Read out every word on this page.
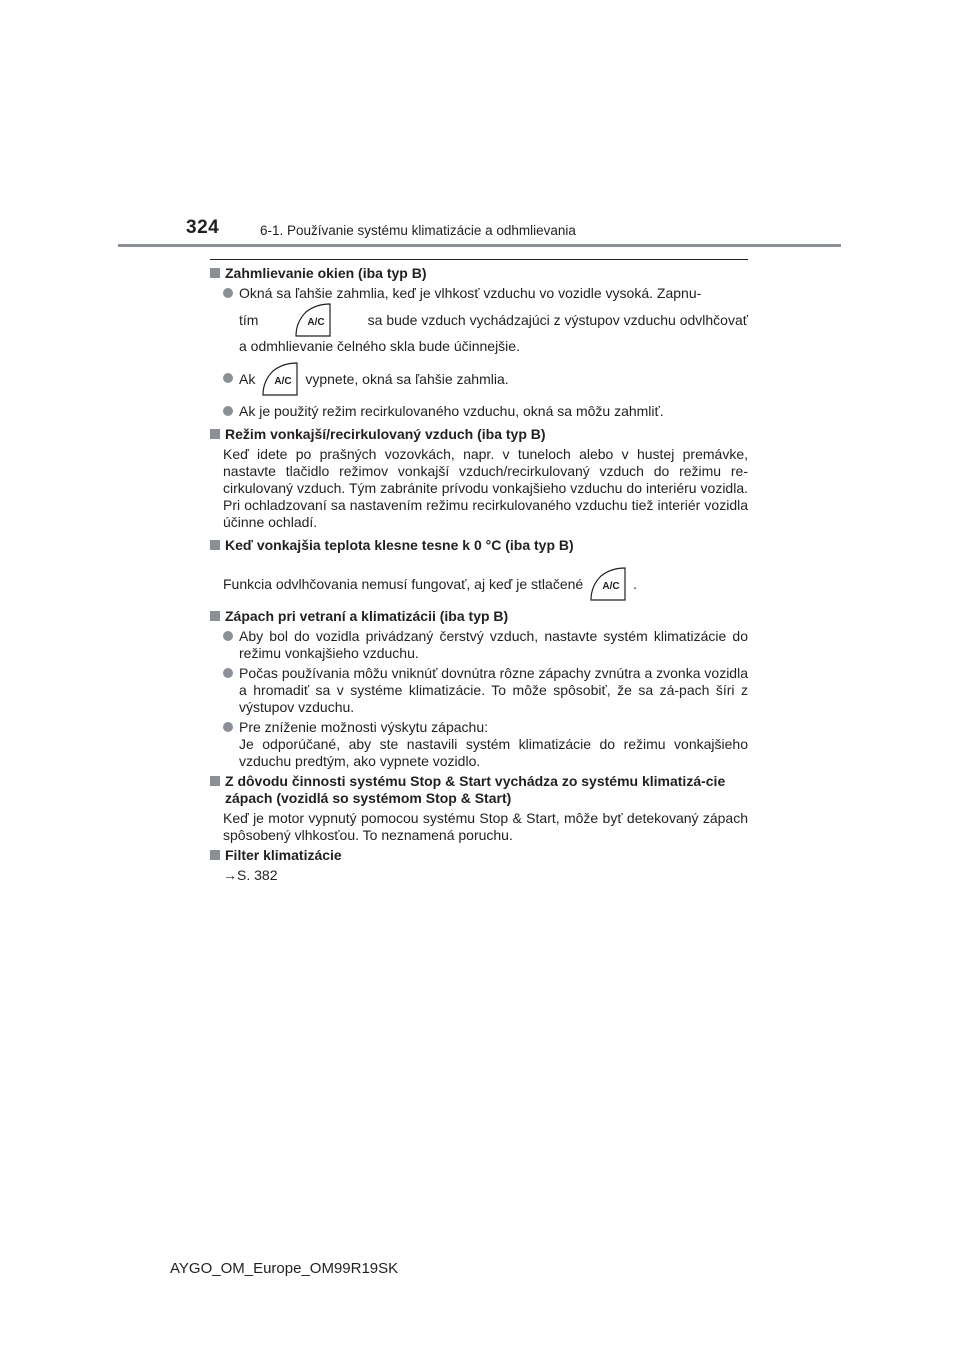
324	6-1. Používanie systému klimatizácie a odhmlievania
Zahmlievanie okien (iba typ B)
Okná sa ľahšie zahmlia, keď je vlhkosť vzduchu vo vozidle vysoká. Zapnu-
tím	sa bude vzduch vychádzajúci z výstupov vzduchu odvlhčovať
a odmhlievanie čelného skla bude účinnejšie.
Ak	vypnete, okná sa ľahšie zahmlia.
Ak je použitý režim recirkulovaného vzduchu, okná sa môžu zahmliť.
Režim vonkajší/recirkulovaný vzduch (iba typ B)
Keď idete po prašných vozovkách, napr. v tuneloch alebo v hustej premávke, nastavte tlačidlo režimov vonkajší vzduch/recirkulovaný vzduch do režimu re-cirkulovaný vzduch. Tým zabránite prívodu vonkajšieho vzduchu do interiéru vozidla. Pri ochladzovaní sa nastavením režimu recirkulovaného vzduchu tiež interiér vozidla účinne ochladí.
Keď vonkajšia teplota klesne tesne k 0 °C (iba typ B)
Funkcia odvlhčovania nemusí fungovať, aj keď je stlačené	.
Zápach pri vetraní a klimatizácii (iba typ B)
Aby bol do vozidla privádzaný čerstvý vzduch, nastavte systém klimatizácie do režimu vonkajšieho vzduchu.
Počas používania môžu vniknúť dovnútra rôzne zápachy zvnútra a zvonka vozidla a hromadiť sa v systéme klimatizácie. To môže spôsobiť, že sa zá-pach šíri z výstupov vzduchu.
Pre zníženie možnosti výskytu zápachu:
Je odporúčané, aby ste nastavili systém klimatizácie do režimu vonkajšieho vzduchu predtým, ako vypnete vozidlo.
Z dôvodu činnosti systému Stop & Start vychádza zo systému klimatizá-cie zápach (vozidlá so systémom Stop & Start)
Keď je motor vypnutý pomocou systému Stop & Start, môže byť detekovaný zápach spôsobený vlhkosťou. To neznamená poruchu.
Filter klimatizácie
→S. 382
AYGO_OM_Europe_OM99R19SK
